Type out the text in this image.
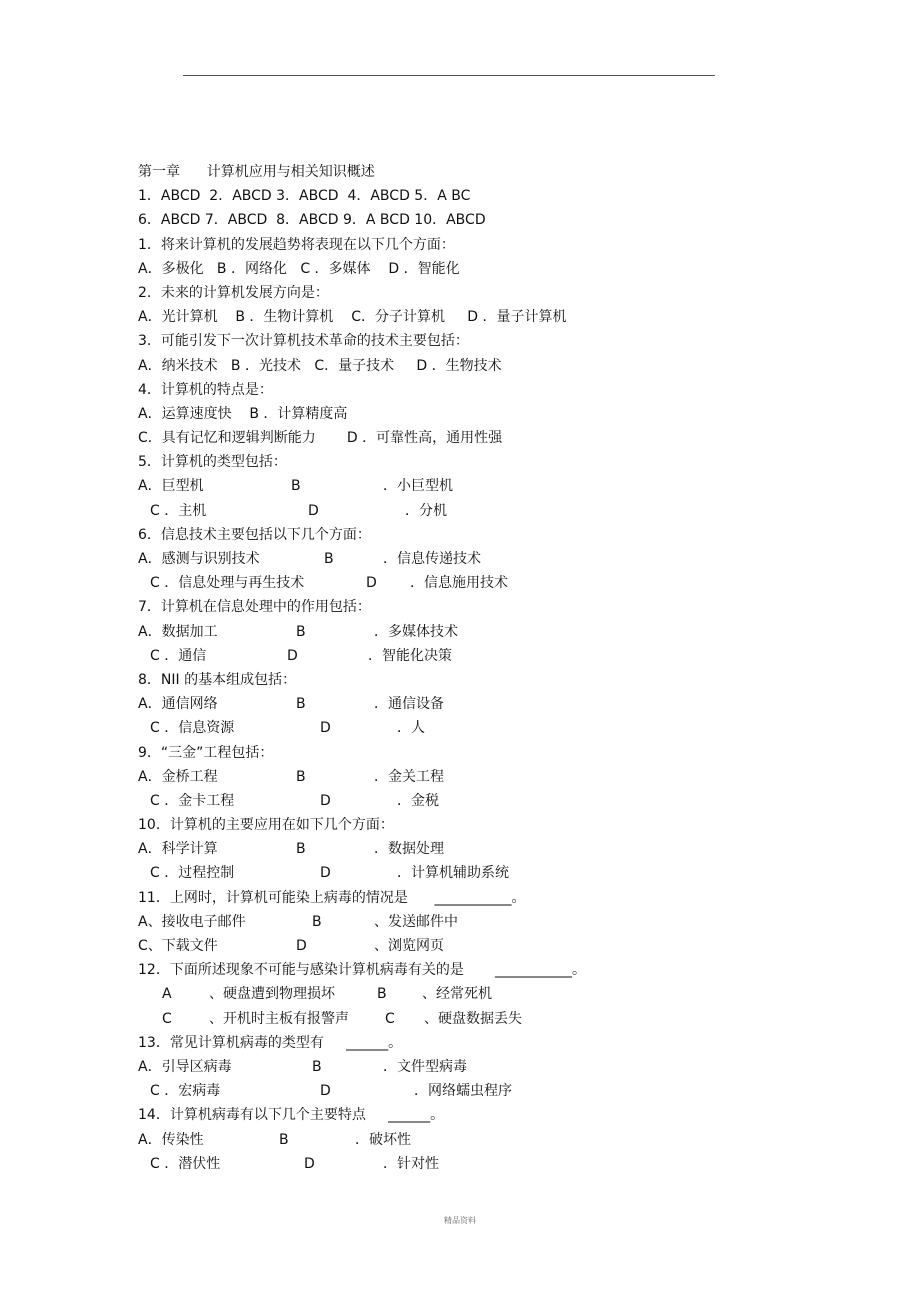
第一章      计算机应用与相关知识概述
1．ABCD  2．ABCD 3．ABCD  4．ABCD 5．A BC
6．ABCD 7．ABCD  8．ABCD 9．A BCD 10．ABCD
1．将来计算机的发展趋势将表现在以下几个方面：
A．多极化   B ．网络化   C ．多媒体    D ．智能化
2．未来的计算机发展方向是：
A．光计算机    B ．生物计算机    C．分子计算机     D ．量子计算机
3．可能引发下一次计算机技术革命的技术主要包括：
A．纳米技术   B ．光技术   C．量子技术     D ．生物技术
4．计算机的特点是：
A．运算速度快    B ．计算精度高
C．具有记忆和逻辑判断能力       D ．可靠性高，通用性强
5．计算机的类型包括：
A．巨型机	B	．小巨型机
C ．主机	D	．分机
6．信息技术主要包括以下几个方面：
A．感测与识别技术	B	．信息传递技术
C ．信息处理与再生技术	D ．信息施用技术
7．计算机在信息处理中的作用包括：
A．数据加工	B	．多媒体技术
C ．通信	D	．智能化决策
8．NII 的基本组成包括：
A．通信网络	B	．通信设备
C ．信息资源	D	．人
9．“三金”工程包括：
A．金桥工程	B	．金关工程
C ．金卡工程	D	．金税
10．计算机的主要应用在如下几个方面：
A．科学计算	B	．数据处理
C ．过程控制	D	．计算机辅助系统
11．上网时，计算机可能染上病毒的情况是      ___________。
A、接收电子邮件	B	、发送邮件中
C、下载文件	D	、浏览网页
12．下面所述现象不可能与感染计算机病毒有关的是       ___________。
A	、硬盘遭到物理损坏	B	、经常死机
C	、开机时主板有报警声	C 、硬盘数据丢失
13．常见计算机病毒的类型有     ______。
A．引导区病毒	B	．文件型病毒
C ．宏病毒	D	．网络蠕虫程序
14．计算机病毒有以下几个主要特点     ______。
A．传染性	B	．破坏性
C ．潜伏性	D	．针对性
精品资料
